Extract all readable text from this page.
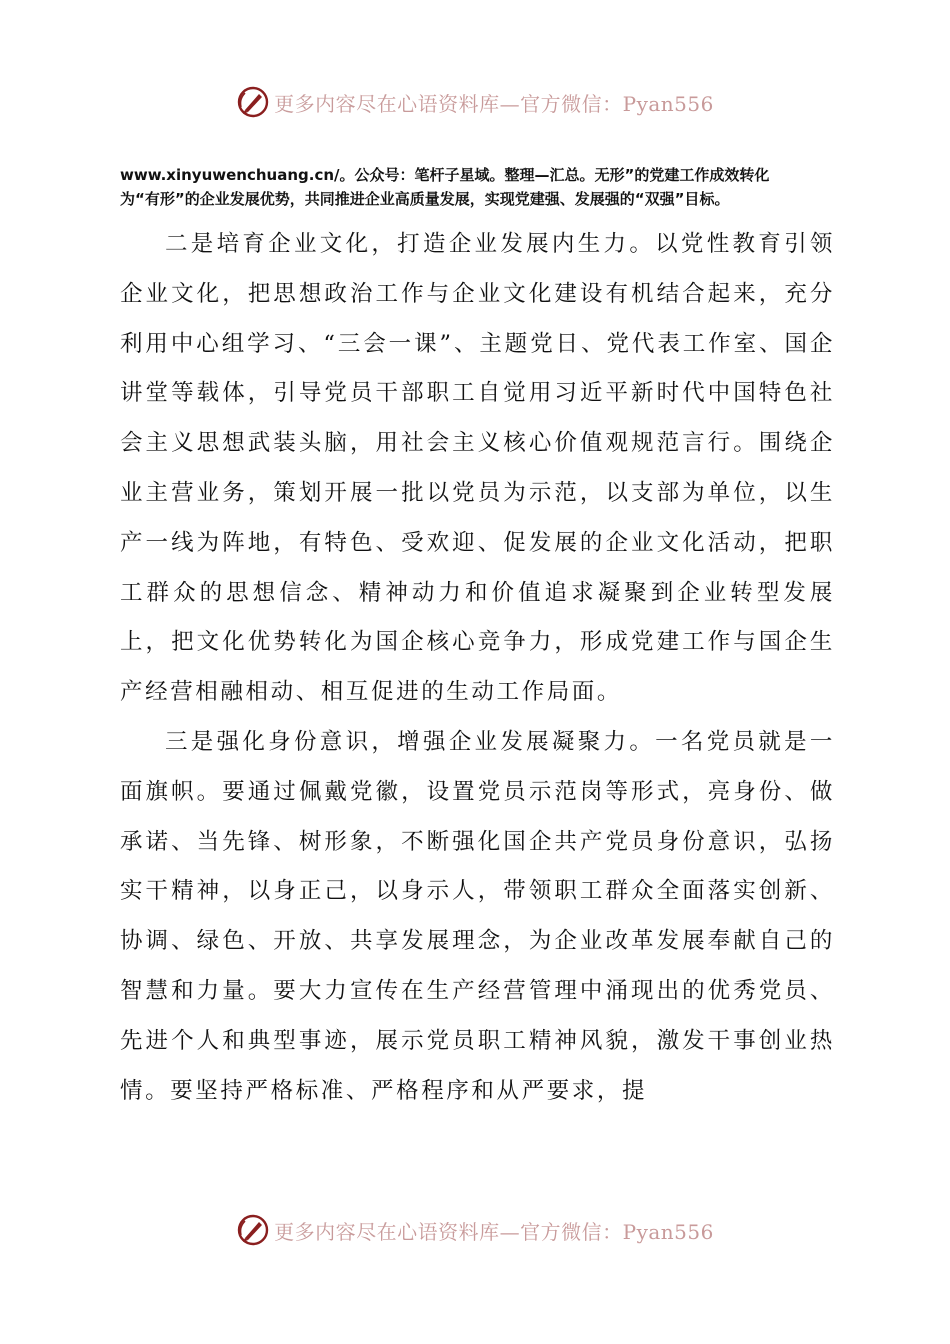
更多内容尽在心语资料库—官方微信：Pyan556
www.xinyuwenchuang.cn/。公众号：笔杆子星域。整理—汇总。无形”的党建工作成效转化
为“有形”的企业发展优势，共同推进企业高质量发展，实现党建强、发展强的“双强”目标。

二是培育企业文化，打造企业发展内生力。以党性教育引领企业文化，把思想政治工作与企业文化建设有机结合起来，充分利用中心组学习、“三会一课”、主题党日、党代表工作室、国企讲堂等载体，引导党员干部职工自觉用习近平新时代中国特色社会主义思想武装头脑，用社会主义核心价值观规范言行。围绕企业主营业务，策划开展一批以党员为示范，以支部为单位，以生产一线为阵地，有特色、受欢迎、促发展的企业文化活动，把职工群众的思想信念、精神动力和价值追求凝聚到企业转型发展上，把文化优势转化为国企核心竞争力，形成党建工作与国企生产经营相融相动、相互促进的生动工作局面。

三是强化身份意识，增强企业发展凝聚力。一名党员就是一面旗帜。要通过佩戴党徽，设置党员示范岗等形式，亮身份、做承诺、当先锋、树形象，不断强化国企共产党员身份意识，弘扬实干精神，以身正己，以身示人，带领职工群众全面落实创新、协调、绿色、开放、共享发展理念，为企业改革发展奉献自己的智慧和力量。要大力宣传在生产经营管理中涌现出的优秀党员、先进个人和典型事迹，展示党员职工精神风貌，激发干事创业热情。要坚持严格标准、严格程序和从严要求，提

更多内容尽在心语资料库—官方微信：Pyan556
